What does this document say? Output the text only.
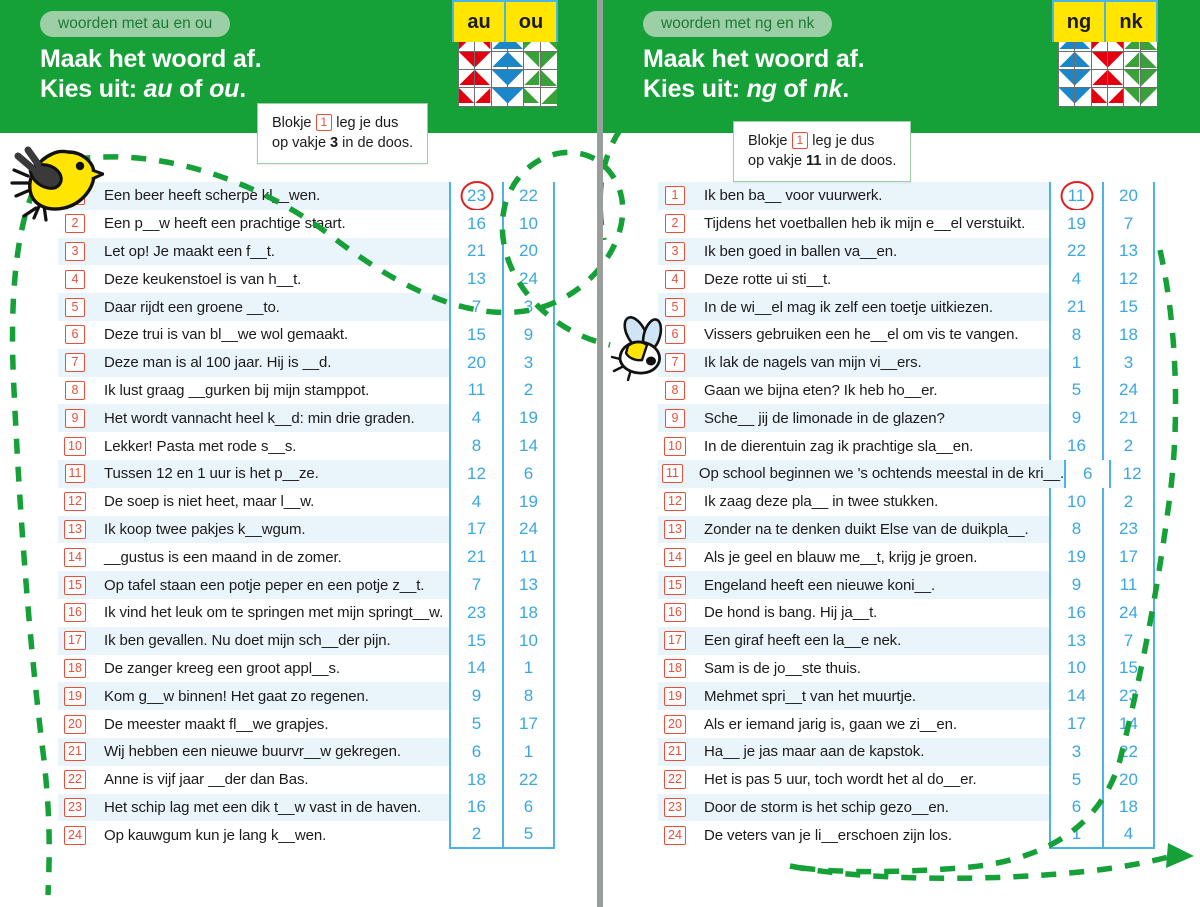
woorden met au en ou
Maak het woord af.
Kies uit: au of ou.
woorden met ng en nk
Maak het woord af.
Kies uit: ng of nk.
Blokje 1 leg je dus
op vakje 3 in de doos.	Blokje 1 leg je dus
op vakje 11 in de doos.
au	ou	ng	nk
Een beer heeft scherpe kl__wen.	23	22
2	Een p__w heeft een prachtige staart.	16	10
3	Let op! Je maakt een f__t.	21	20
4	Deze keukenstoel is van h__t.	13	24
5	Daar rijdt een groene __to.	7	3
6	Deze trui is van bl__we wol gemaakt.	15	9
7	Deze man is al 100 jaar. Hij is __d.	20	3
8	Ik lust graag __gurken bij mijn stamppot.	11	2
9	Het wordt vannacht heel k__d: min drie graden.	4	19
10	Lekker! Pasta met rode s__s.	8	14
11	Tussen 12 en 1 uur is het p__ze.	12	6
12	De soep is niet heet, maar l__w.	4	19
13	Ik koop twee pakjes k__wgum.	17	24
14	__gustus is een maand in de zomer.	21	11
15	Op tafel staan een potje peper en een potje z__t.	7	13
16	Ik vind het leuk om te springen met mijn springt__w.	23	18
17	Ik ben gevallen. Nu doet mijn sch__der pijn.	15	10
18	De zanger kreeg een groot appl__s.	14	1
19	Kom g__w binnen! Het gaat zo regenen.	9	8
20	De meester maakt fl__we grapjes.	5	17
21	Wij hebben een nieuwe buurvr__w gekregen.	6	1
22	Anne is vijf jaar __der dan Bas.	18	22
23	Het schip lag met een dik t__w vast in de haven.	16	6
24	Op kauwgum kun je lang k__wen.	2	5
1	Ik ben ba__ voor vuurwerk.	11	20
2	Tijdens het voetballen heb ik mijn e__el verstuikt.	19	7
3	Ik ben goed in ballen va__en.	22	13
4	Deze rotte ui sti__t.	4	12
5	In de wi__el mag ik zelf een toetje uitkiezen.	21	15
6	Vissers gebruiken een he__el om vis te vangen.	8	18
7	Ik lak de nagels van mijn vi__ers.	1	3
8	Gaan we bijna eten? Ik heb ho__er.	5	24
9	Sche__ jij de limonade in de glazen?	9	21
10	In de dierentuin zag ik prachtige sla__en.	16	2
11	Op school beginnen we 's ochtends meestal in de kri__.	6	12
12	Ik zaag deze pla__ in twee stukken.	10	2
13	Zonder na te denken duikt Else van de duikpla__.	8	23
14	Als je geel en blauw me__t, krijg je groen.	19	17
15	Engeland heeft een nieuwe koni__.	9	11
16	De hond is bang. Hij ja__t.	16	24
17	Een giraf heeft een la__e nek.	13	7
18	Sam is de jo__ste thuis.	10	15
19	Mehmet spri__t van het muurtje.	14	23
20	Als er iemand jarig is, gaan we zi__en.	17	14
21	Ha__ je jas maar aan de kapstok.	3	22
22	Het is pas 5 uur, toch wordt het al do__er.	5	20
23	Door de storm is het schip gezo__en.	6	18
24	De veters van je li__erschoen zijn los.	1	4
